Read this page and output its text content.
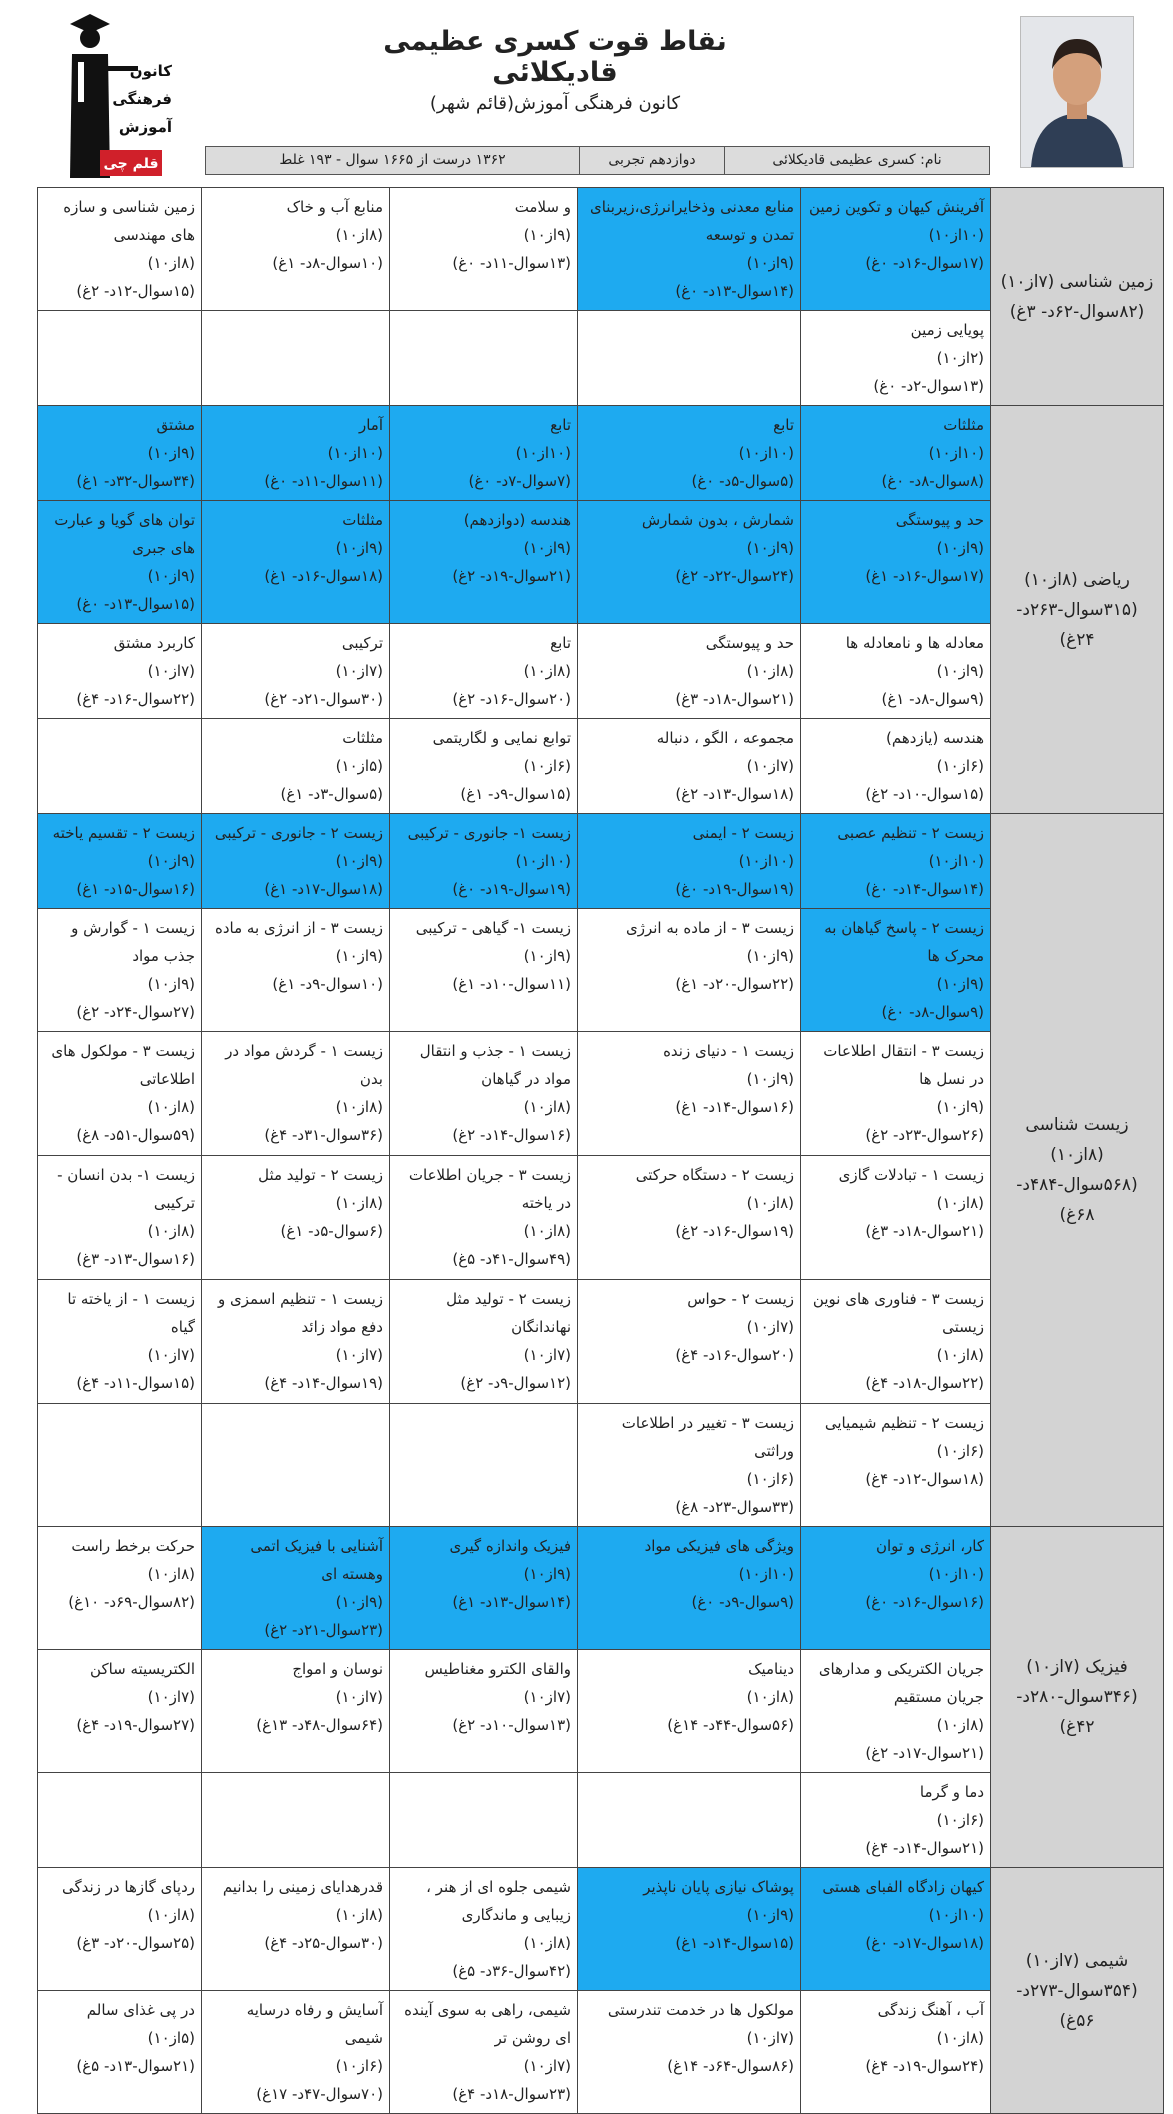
نقاط قوت کسری عظیمی قادیکلائی
کانون فرهنگی آموزش(قائم شهر)
قلم چی
کانون
فرهنگی
آموزش
نام: کسری عظیمی قادیکلائی
دوازدهم تجربی
۱۳۶۲ درست از ۱۶۶۵ سوال - ۱۹۳ غلط
زمین شناسی (۷از۱۰) (۸۲سوال-۶۲د- ۳غ)	آفرینش کیهان و تکوین زمین
(۱۰از۱۰)
(۱۷سوال-۱۶د- ۰غ)	منابع معدنی وذخایرانرژی،زیربنای تمدن و توسعه
(۹از۱۰)
(۱۴سوال-۱۳د- ۰غ)	و سلامت
(۹از۱۰)
(۱۳سوال-۱۱د- ۰غ)	منابع آب و خاک
(۸از۱۰)
(۱۰سوال-۸د- ۱غ)	زمین شناسی و سازه های مهندسی
(۸از۱۰)
(۱۵سوال-۱۲د- ۲غ)

	پویایی زمین
(۲از۱۰)
(۱۳سوال-۲د- ۰غ)				

ریاضی (۸از۱۰) (۳۱۵سوال-۲۶۳د- ۲۴غ)	مثلثات
(۱۰از۱۰)
(۸سوال-۸د- ۰غ)	تابع
(۱۰از۱۰)
(۵سوال-۵د- ۰غ)	تابع
(۱۰از۱۰)
(۷سوال-۷د- ۰غ)	آمار
(۱۰از۱۰)
(۱۱سوال-۱۱د- ۰غ)	مشتق
(۹از۱۰)
(۳۴سوال-۳۲د- ۱غ)

	حد و پیوستگی
(۹از۱۰)
(۱۷سوال-۱۶د- ۱غ)	شمارش ، بدون شمارش
(۹از۱۰)
(۲۴سوال-۲۲د- ۲غ)	هندسه (دوازدهم)
(۹از۱۰)
(۲۱سوال-۱۹د- ۲غ)	مثلثات
(۹از۱۰)
(۱۸سوال-۱۶د- ۱غ)	توان های گویا و عبارت های جبری
(۹از۱۰)
(۱۵سوال-۱۳د- ۰غ)

	معادله ها و نامعادله ها
(۹از۱۰)
(۹سوال-۸د- ۱غ)	حد و پیوستگی
(۸از۱۰)
(۲۱سوال-۱۸د- ۳غ)	تابع
(۸از۱۰)
(۲۰سوال-۱۶د- ۲غ)	ترکیبی
(۷از۱۰)
(۳۰سوال-۲۱د- ۲غ)	کاربرد مشتق
(۷از۱۰)
(۲۲سوال-۱۶د- ۴غ)

	هندسه (یازدهم)
(۶از۱۰)
(۱۵سوال-۱۰د- ۲غ)	مجموعه ، الگو ، دنباله
(۷از۱۰)
(۱۸سوال-۱۳د- ۲غ)	توابع نمایی و لگاریتمی
(۶از۱۰)
(۱۵سوال-۹د- ۱غ)	مثلثات
(۵از۱۰)
(۵سوال-۳د- ۱غ)	

زیست شناسی (۸از۱۰) (۵۶۸سوال-۴۸۴د- ۶۸غ)	زیست ۲ - تنظیم عصبی
(۱۰از۱۰)
(۱۴سوال-۱۴د- ۰غ)	زیست ۲ - ایمنی
(۱۰از۱۰)
(۱۹سوال-۱۹د- ۰غ)	زیست ۱- جانوری - ترکیبی
(۱۰از۱۰)
(۱۹سوال-۱۹د- ۰غ)	زیست ۲ - جانوری - ترکیبی
(۹از۱۰)
(۱۸سوال-۱۷د- ۱غ)	زیست ۲ - تقسیم یاخته
(۹از۱۰)
(۱۶سوال-۱۵د- ۱غ)

	زیست ۲ - پاسخ گیاهان به محرک ها
(۹از۱۰)
(۹سوال-۸د- ۰غ)	زیست ۳ - از ماده به انرژی
(۹از۱۰)
(۲۲سوال-۲۰د- ۱غ)	زیست ۱- گیاهی - ترکیبی
(۹از۱۰)
(۱۱سوال-۱۰د- ۱غ)	زیست ۳ - از انرژی به ماده
(۹از۱۰)
(۱۰سوال-۹د- ۱غ)	زیست ۱ - گوارش و جذب مواد
(۹از۱۰)
(۲۷سوال-۲۴د- ۲غ)

	زیست ۳ - انتقال اطلاعات در نسل ها
(۹از۱۰)
(۲۶سوال-۲۳د- ۲غ)	زیست ۱ - دنیای زنده
(۹از۱۰)
(۱۶سوال-۱۴د- ۱غ)	زیست ۱ - جذب و انتقال مواد در گیاهان
(۸از۱۰)
(۱۶سوال-۱۴د- ۲غ)	زیست ۱ - گردش مواد در بدن
(۸از۱۰)
(۳۶سوال-۳۱د- ۴غ)	زیست ۳ - مولکول های اطلاعاتی
(۸از۱۰)
(۵۹سوال-۵۱د- ۸غ)

	زیست ۱ - تبادلات گازی
(۸از۱۰)
(۲۱سوال-۱۸د- ۳غ)	زیست ۲ - دستگاه حرکتی
(۸از۱۰)
(۱۹سوال-۱۶د- ۲غ)	زیست ۳ - جریان اطلاعات در یاخته
(۸از۱۰)
(۴۹سوال-۴۱د- ۵غ)	زیست ۲ - تولید مثل
(۸از۱۰)
(۶سوال-۵د- ۱غ)	زیست ۱- بدن انسان - ترکیبی
(۸از۱۰)
(۱۶سوال-۱۳د- ۳غ)

	زیست ۳ - فناوری های نوین زیستی
(۸از۱۰)
(۲۲سوال-۱۸د- ۴غ)	زیست ۲ - حواس
(۷از۱۰)
(۲۰سوال-۱۶د- ۴غ)	زیست ۲ - تولید مثل نهاندانگان
(۷از۱۰)
(۱۲سوال-۹د- ۲غ)	زیست ۱ - تنظیم اسمزی و دفع مواد زائد
(۷از۱۰)
(۱۹سوال-۱۴د- ۴غ)	زیست ۱ - از یاخته تا گیاه
(۷از۱۰)
(۱۵سوال-۱۱د- ۴غ)

	زیست ۲ - تنظیم شیمیایی
(۶از۱۰)
(۱۸سوال-۱۲د- ۴غ)	زیست ۳ - تغییر در اطلاعات وراثتی
(۶از۱۰)
(۳۳سوال-۲۳د- ۸غ)			

فیزیک (۷از۱۰) (۳۴۶سوال-۲۸۰د- ۴۲غ)	کار، انرژی و توان
(۱۰از۱۰)
(۱۶سوال-۱۶د- ۰غ)	ویژگی های فیزیکی مواد
(۱۰از۱۰)
(۹سوال-۹د- ۰غ)	فیزیک واندازه گیری
(۹از۱۰)
(۱۴سوال-۱۳د- ۱غ)	آشنایی با فیزیک اتمی وهسته ای
(۹از۱۰)
(۲۳سوال-۲۱د- ۲غ)	حرکت برخط راست
(۸از۱۰)
(۸۲سوال-۶۹د- ۱۰غ)

	جریان الکتریکی و مدارهای جریان مستقیم
(۸از۱۰)
(۲۱سوال-۱۷د- ۲غ)	دینامیک
(۸از۱۰)
(۵۶سوال-۴۴د- ۱۴غ)	والقای الکترو مغناطیس
(۷از۱۰)
(۱۳سوال-۱۰د- ۲غ)	نوسان و امواج
(۷از۱۰)
(۶۴سوال-۴۸د- ۱۳غ)	الکتریسیته ساکن
(۷از۱۰)
(۲۷سوال-۱۹د- ۴غ)

	دما و گرما
(۶از۱۰)
(۲۱سوال-۱۴د- ۴غ)				

شیمی (۷از۱۰) (۳۵۴سوال-۲۷۳د- ۵۶غ)	کیهان زادگاه الفبای هستی
(۱۰از۱۰)
(۱۸سوال-۱۷د- ۰غ)	پوشاک نیازی پایان ناپذیر
(۹از۱۰)
(۱۵سوال-۱۴د- ۱غ)	شیمی جلوه ای از هنر ، زیبایی و ماندگاری
(۸از۱۰)
(۴۲سوال-۳۶د- ۵غ)	قدرهدایای زمینی را بدانیم
(۸از۱۰)
(۳۰سوال-۲۵د- ۴غ)	ردپای گازها در زندگی
(۸از۱۰)
(۲۵سوال-۲۰د- ۳غ)

	آب ، آهنگ زندگی
(۸از۱۰)
(۲۴سوال-۱۹د- ۴غ)	مولکول ها در خدمت تندرستی
(۷از۱۰)
(۸۶سوال-۶۴د- ۱۴غ)	شیمی، راهی به سوی آینده ای روشن تر
(۷از۱۰)
(۲۳سوال-۱۸د- ۴غ)	آسایش و رفاه درسایه شیمی
(۶از۱۰)
(۷۰سوال-۴۷د- ۱۷غ)	در پی غذای سالم
(۵از۱۰)
(۲۱سوال-۱۳د- ۵غ)
